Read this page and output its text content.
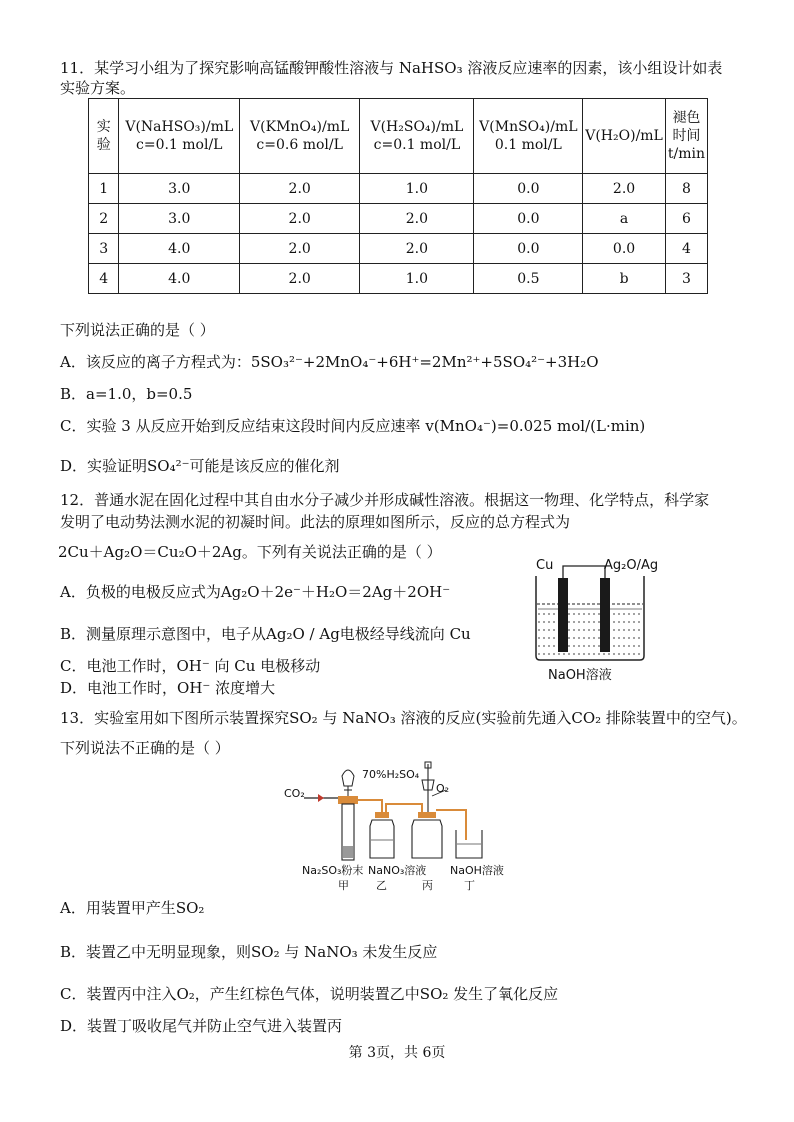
11．某学习小组为了探究影响高锰酸钾酸性溶液与 NaHSO₃ 溶液反应速率的因素，该小组设计如表
实验方案。
实验	V(NaHSO₃)/mL c=0.1 mol/L	V(KMnO₄)/mL c=0.6 mol/L	V(H₂SO₄)/mL c=0.1 mol/L	V(MnSO₄)/mL 0.1 mol/L	V(H₂O)/mL	褪色时间 t/min
1	3.0	2.0	1.0	0.0	2.0	8
2	3.0	2.0	2.0	0.0	a	6
3	4.0	2.0	2.0	0.0	0.0	4
4	4.0	2.0	1.0	0.5	b	3
下列说法正确的是（ ）
A．该反应的离子方程式为：5SO₃²⁻+2MnO₄⁻+6H⁺=2Mn²⁺+5SO₄²⁻+3H₂O
B．a=1.0，b=0.5
C．实验 3 从反应开始到反应结束这段时间内反应速率 v(MnO₄⁻)=0.025 mol/(L·min)
D．实验证明SO₄²⁻可能是该反应的催化剂
12．普通水泥在固化过程中其自由水分子减少并形成碱性溶液。根据这一物理、化学特点，科学家
发明了电动势法测水泥的初凝时间。此法的原理如图所示，反应的总方程式为
2Cu＋Ag₂O＝Cu₂O＋2Ag。下列有关说法正确的是（ ）
A．负极的电极反应式为Ag₂O＋2e⁻＋H₂O＝2Ag＋2OH⁻
B．测量原理示意图中，电子从Ag₂O / Ag电极经导线流向 Cu
C．电池工作时，OH⁻ 向 Cu 电极移动
D．电池工作时，OH⁻ 浓度增大
Cu	Ag₂O/Ag
NaOH溶液
13．实验室用如下图所示装置探究SO₂ 与 NaNO₃ 溶液的反应(实验前先通入CO₂ 排除装置中的空气)。
下列说法不正确的是（ ）
CO₂
70%H₂SO₄
O₂
Na₂SO₃粉末 NaNO₃溶液 NaOH溶液
甲 乙	丙	丁
A．用装置甲产生SO₂
B．装置乙中无明显现象，则SO₂ 与 NaNO₃ 未发生反应
C．装置丙中注入O₂，产生红棕色气体，说明装置乙中SO₂ 发生了氧化反应
D．装置丁吸收尾气并防止空气进入装置丙
第 3页，共 6页
